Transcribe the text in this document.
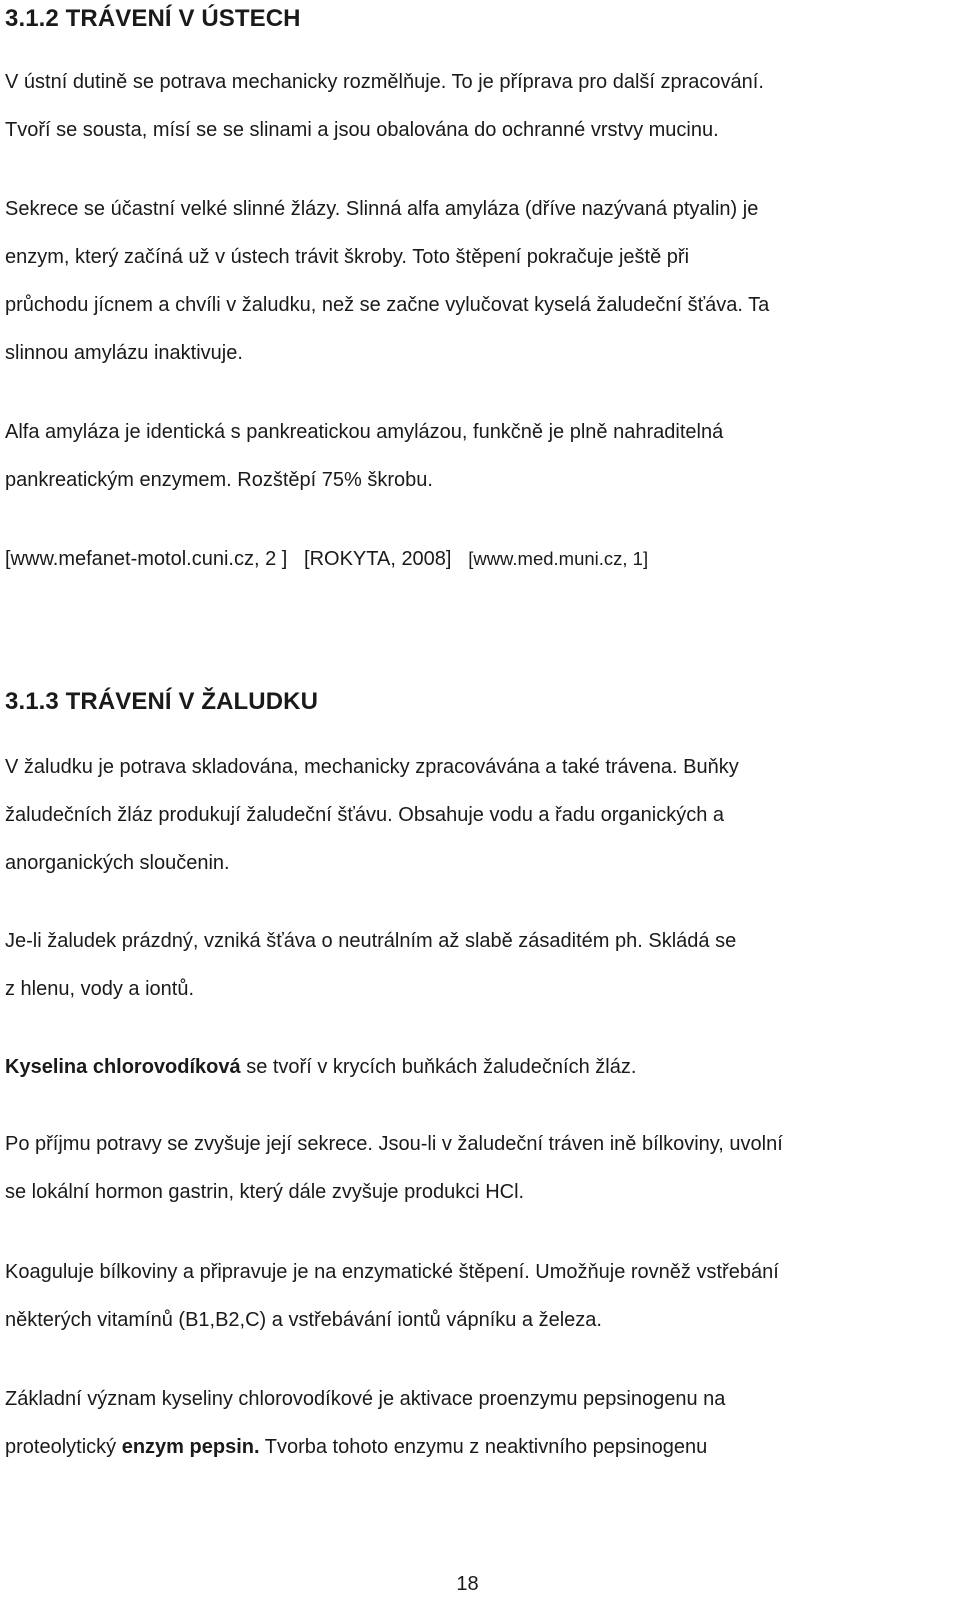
3.1.2 TRÁVENÍ V ÚSTECH
V ústní dutině se potrava mechanicky rozmělňuje. To je příprava pro další zpracování.
Tvoří se sousta, mísí se se slinami a jsou obalována do ochranné vrstvy mucinu.
Sekrece se účastní velké slinné žlázy. Slinná alfa amyláza (dříve nazývaná ptyalin) je
enzym, který začíná už v ústech trávit škroby. Toto štěpení pokračuje ještě při
průchodu jícnem a chvíli v žaludku, než se začne vylučovat kyselá žaludeční šťáva. Ta
slinnou amylázu inaktivuje.
Alfa amyláza je identická s pankreatickou amylázou, funkčně je plně nahraditelná
pankreatickým enzymem. Rozštěpí 75% škrobu.
[www.mefanet-motol.cuni.cz, 2 ] [ROKYTA, 2008] [www.med.muni.cz, 1]
3.1.3 TRÁVENÍ V ŽALUDKU
V žaludku je potrava skladována, mechanicky zpracovávána a také trávena. Buňky
žaludečních žláz produkují žaludeční šťávu. Obsahuje vodu a řadu organických a
anorganických sloučenin.
Je-li žaludek prázdný, vzniká šťáva o neutrálním až slabě zásaditém ph. Skládá se
z hlenu, vody a iontů.
Kyselina chlorovodíková se tvoří v krycích buňkách žaludečních žláz.
Po příjmu potravy se zvyšuje její sekrece. Jsou-li v žaludeční tráven ině bílkoviny, uvolní
se lokální hormon gastrin, který dále zvyšuje produkci HCl.
Koaguluje bílkoviny a připravuje je na enzymatické štěpení. Umožňuje rovněž vstřebání
některých vitamínů (B1,B2,C) a vstřebávání iontů vápníku a železa.
Základní význam kyseliny chlorovodíkové je aktivace proenzymu pepsinogenu na
proteolytický enzym pepsin. Tvorba tohoto enzymu z neaktivního pepsinogenu
18
